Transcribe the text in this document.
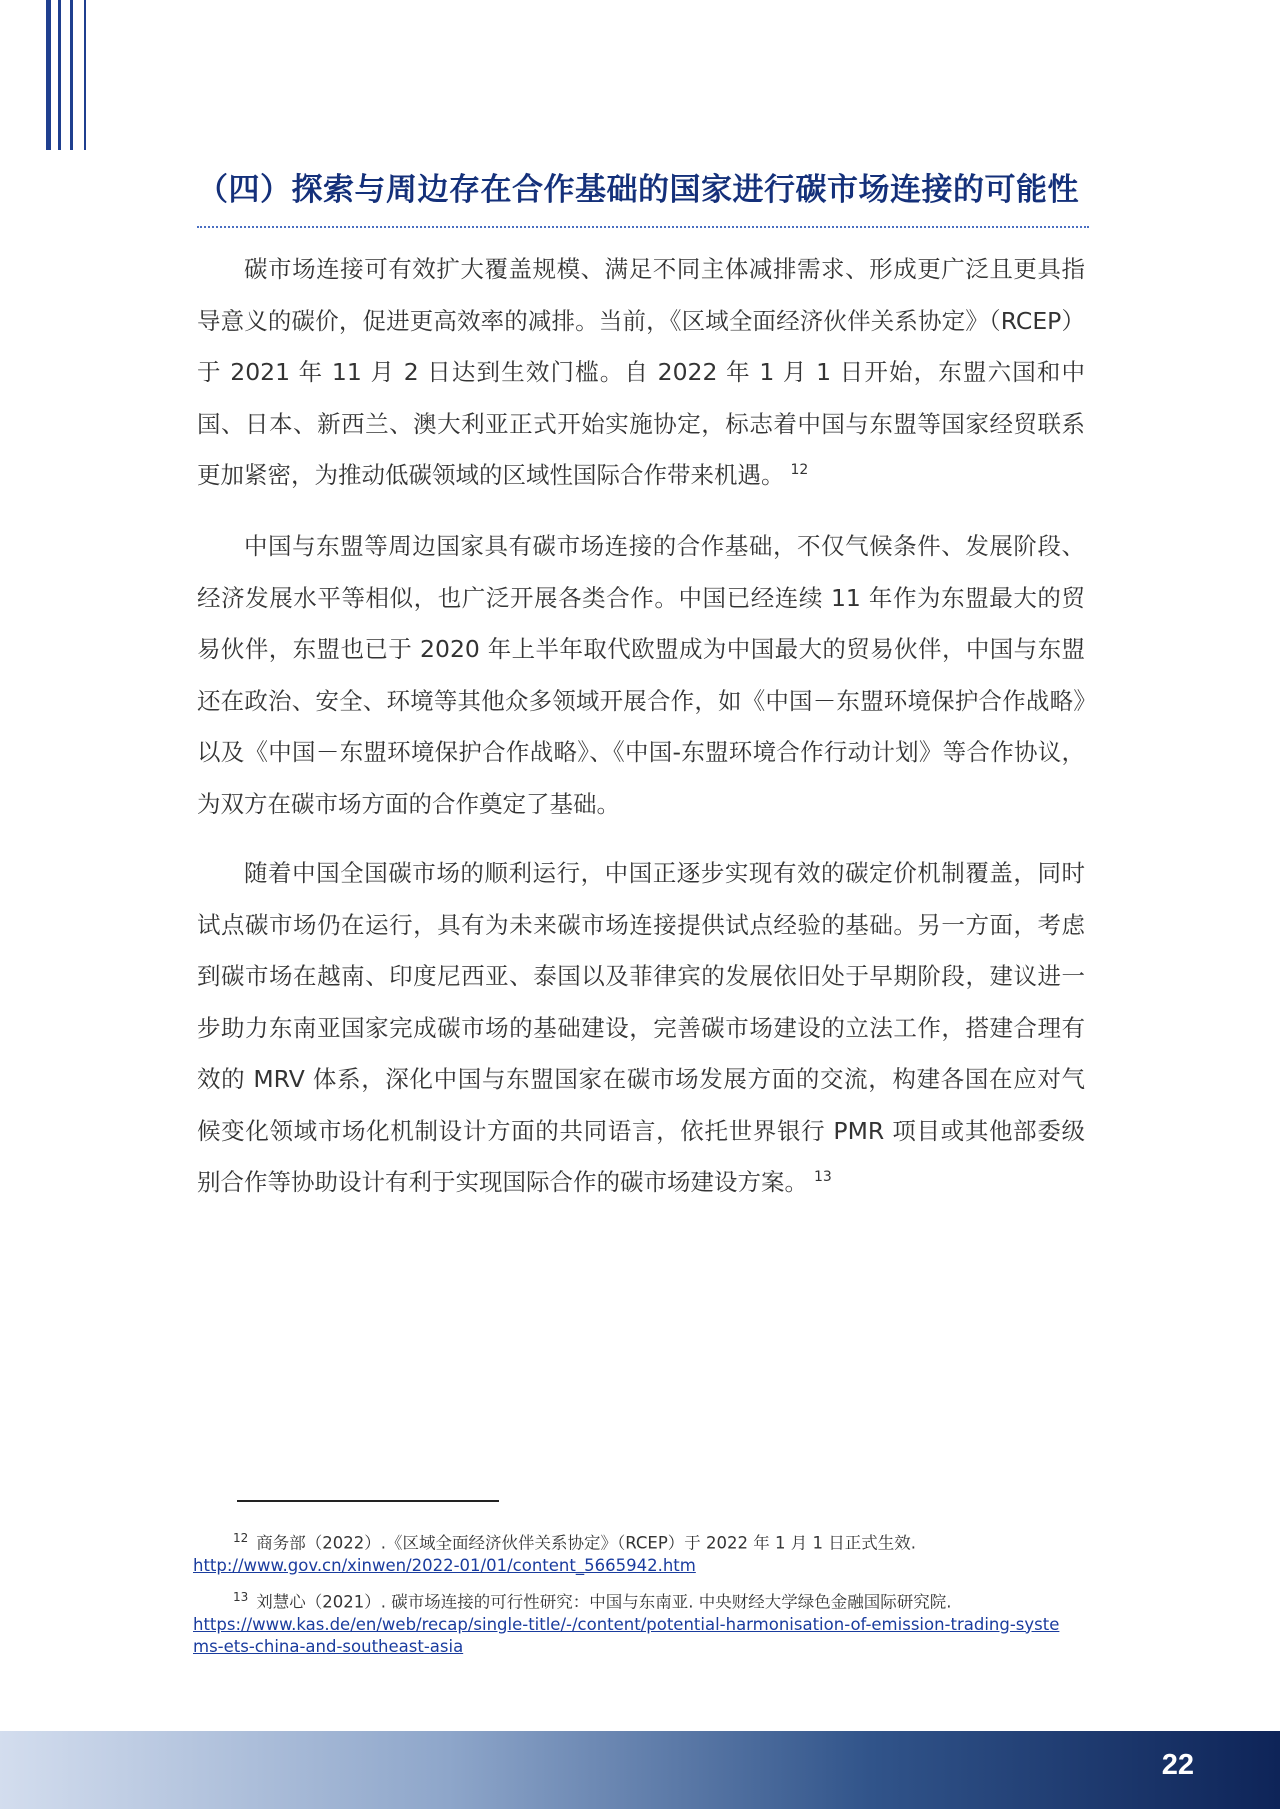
（四）探索与周边存在合作基础的国家进行碳市场连接的可能性

碳市场连接可有效扩大覆盖规模、满足不同主体减排需求、形成更广泛且更具指导意义的碳价，促进更高效率的减排。当前，《区域全面经济伙伴关系协定》（RCEP）于 2021 年 11 月 2 日达到生效门槛。自 2022 年 1 月 1 日开始，东盟六国和中国、日本、新西兰、澳大利亚正式开始实施协定，标志着中国与东盟等国家经贸联系更加紧密，为推动低碳领域的区域性国际合作带来机遇。 $^{12}$

中国与东盟等周边国家具有碳市场连接的合作基础，不仅气候条件、发展阶段、经济发展水平等相似，也广泛开展各类合作。中国已经连续 11 年作为东盟最大的贸易伙伴，东盟也已于 2020 年上半年取代欧盟成为中国最大的贸易伙伴，中国与东盟还在政治、安全、环境等其他众多领域开展合作，如《中国－东盟环境保护合作战略》以及《中国－东盟环境保护合作战略》、《中国-东盟环境合作行动计划》等合作协议，为双方在碳市场方面的合作奠定了基础。

随着中国全国碳市场的顺利运行，中国正逐步实现有效的碳定价机制覆盖，同时试点碳市场仍在运行，具有为未来碳市场连接提供试点经验的基础。另一方面，考虑到碳市场在越南、印度尼西亚、泰国以及菲律宾的发展依旧处于早期阶段，建议进一步助力东南亚国家完成碳市场的基础建设，完善碳市场建设的立法工作，搭建合理有效的 MRV 体系，深化中国与东盟国家在碳市场发展方面的交流，构建各国在应对气候变化领域市场化机制设计方面的共同语言，依托世界银行 PMR 项目或其他部委级别合作等协助设计有利于实现国际合作的碳市场建设方案。 $^{13}$

$^{12}$ 商务部（2022）.《区域全面经济伙伴关系协定》（RCEP）于 2022 年 1 月 1 日正式生效.
http://www.gov.cn/xinwen/2022-01/01/content_5665942.htm
$^{13}$ 刘慧心（2021）. 碳市场连接的可行性研究：中国与东南亚. 中央财经大学绿色金融国际研究院.
https://www.kas.de/en/web/recap/single-title/-/content/potential-harmonisation-of-emission-trading-systems-ets-china-and-southeast-asia
22
